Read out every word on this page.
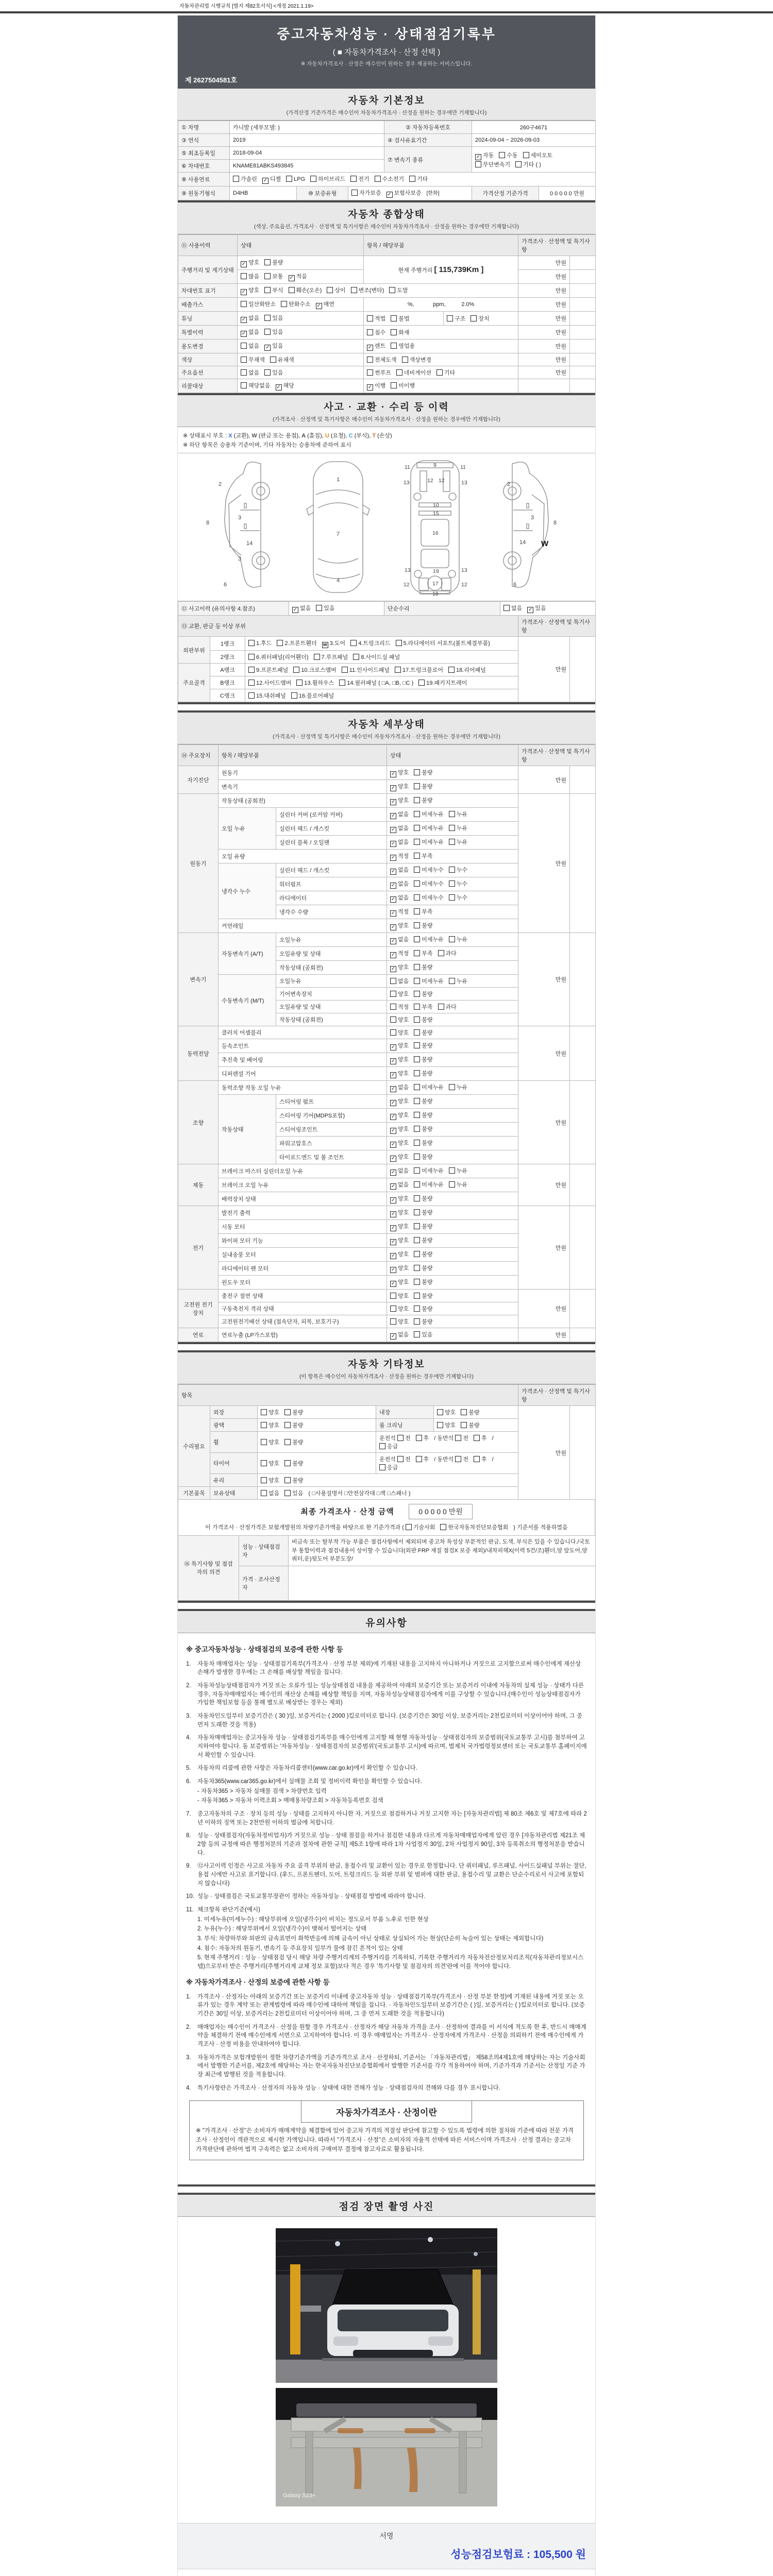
자동차관리법 시행규칙 [별지 제82호서식] <개정 2021.1.19>
중고자동차성능 · 상태점검기록부
( ■ 자동차가격조사 · 산정 선택 )
※ 자동차가격조사 · 산정은 매수인이 원하는 경우 제공하는 서비스입니다.
제 2627504581호
자동차 기본정보
(가격산정 기준가격은 매수인이 자동차가격조사 · 산정을 원하는 경우에만 기재합니다)
① 차명	카니발 (세부모델: )	② 자동차등록번호	260구4671
③ 연식	2019	④ 검사유효기간	2024-09-04 ~ 2026-09-03
⑤ 최초등록일	2018-09-04	⑦ 변속기 종류	✓ 자동 수동 세미오토무단변속기 기타 ( )
⑥ 차대번호	KNAME81ABKS493845		
⑧ 사용연료	가솔린 ✓ 디젤 LPG 하이브리드 전기 수소전기 기타		
⑨ 원동기형식	D4HB	⑩ 보증유형	자가보증 ✓ 보험사보증 [한화]	가격산정 기준가격	0 0 0 0 0 만원
자동차 종합상태
(색상, 주요옵션, 가격조사 · 산정액 및 특기사항은 매수인이 자동차가격조사 · 산정을 원하는 경우에만 기재합니다)
⑪ 사용이력	상태	항목 / 해당부품		가격조사 · 산정액 및 특기사항	
주행거리 및 계기상태	✓ 양호 불량	현재 주행거리 [ 115,739Km ]		만원	
	많음 보통 ✓ 적음			만원	
차대번호 표기	✓ 양호 부식 훼손(오손) 상이 변조(변타) 도말			만원	
배출가스	일산화탄소 탄화수소 ✓ 매연	%,            ppm,          2.0%		만원	
튜닝	✓ 없음 있음	적법 불법	구조 장치	만원	
특별이력	✓ 없음 있음	침수 화재		만원	
용도변경	없음 ✓ 있음	✓ 렌트 영업용		만원	
색상	무채색 유채색	전체도색 색상변경		만원	
주요옵션	없음 있음	썬루프 네비게이션 기타		만원	
리콜대상	해당없음 ✓ 해당	✓ 이행 미이행			
사고 · 교환 · 수리 등 이력
(가격조사 · 산정액 및 특기사항은 매수인이 자동차가격조사 · 산정을 원하는 경우에만 기재합니다)
※ 상태표시 부호 : X (교환), W (판금 또는 용접), A (흠집), U (요철), C (부식), T (손상)
※ 하단 항목은 승용차 기준이며, 기타 자동차는 승용차에 준하여 표시
2
8
3
14
3
6
1
7
4
11	11
9
13	13
12 12
10
15
16
13	13
12	12
17
19
18
2
8
3
14
6
W
⑫ 사고이력 (유의사항 4.참조)	✓ 없음 있음	단순수리	없음 ✓ 있음
⑬ 교환, 판금 등 이상 부위			가격조사 · 산정액 및 특기사항	
외판부위	1랭크	1.후드 2.프론트휀더 w 3.도어 4.트렁크리드 5.라디에이터 서포트(볼트체결부품)	만원	
	2랭크	6.쿼터패널(리어휀더) 7.루프패널 8.사이드실 패널		
주요골격	A랭크	9.프론트패널 10.크로스멤버 11.인사이드패널 17.트렁크플로어 18.리어패널		
	B랭크	12.사이드멤버 13.휠하우스 14.필러패널 ( □A, □B, □C ) 19.패키지트레이		
	C랭크	15.대쉬패널 16.플로어패널		
자동차 세부상태
(가격조사 · 산정액 및 특기사항은 매수인이 자동차가격조사 · 산정을 원하는 경우에만 기재합니다)
⑭ 주요장치	항목 / 해당부품		상태	가격조사 · 산정액 및 특기사항	
자기진단	원동기		✓ 양호 불량	만원	
	변속기		✓ 양호 불량		
원동기	작동상태 (공회전)		✓ 양호 불량	만원	
	오일 누유	실린더 커버 (로커암 커버)	✓ 없음 미세누유 누유		
		실린더 헤드 / 개스킷	✓ 없음 미세누유 누유		
		실린더 블록 / 오일팬	✓ 없음 미세누유 누유		
	오일 유량		✓ 적정 부족		
	냉각수 누수	실린더 헤드 / 개스킷	✓ 없음 미세누수 누수		
		워터펌프	✓ 없음 미세누수 누수		
		라디에이터	✓ 없음 미세누수 누수		
		냉각수 수량	✓ 적정 부족		
	커먼레일		✓ 양호 불량		
변속기	자동변속기 (A/T)	오일누유	✓ 없음 미세누유 누유	만원	
		오일유량 및 상태	✓ 적정 부족 과다		
		작동상태 (공회전)	✓ 양호 불량		
	수동변속기 (M/T)	오일누유	없음 미세누유 누유		
		기어변속장치	양호 불량		
		오일유량 및 상태	적정 부족 과다		
		작동상태 (공회전)	양호 불량		
동력전달	클러치 어셈블리		양호 불량	만원	
	등속조인트		✓ 양호 불량		
	추진축 및 베어링		✓ 양호 불량		
	디퍼렌셜 기어		✓ 양호 불량		
조향	동력조향 작동 오일 누유		✓ 없음 미세누유 누유	만원	
	작동상태	스티어링 펌프	✓ 양호 불량		
		스티어링 기어(MDPS포함)	✓ 양호 불량		
		스티어링조인트	✓ 양호 불량		
		파워고압호스	✓ 양호 불량		
		타이로드엔드 및 볼 조인트	✓ 양호 불량		
제동	브레이크 마스터 실린더오일 누유		✓ 없음 미세누유 누유	만원	
	브레이크 오일 누유		✓ 없음 미세누유 누유		
	배력장치 상태		✓ 양호 불량		
전기	발전기 출력		✓ 양호 불량	만원	
	시동 모터		✓ 양호 불량		
	와이퍼 모터 기능		✓ 양호 불량		
	실내송풍 모터		✓ 양호 불량		
	라디에이터 팬 모터		✓ 양호 불량		
	윈도우 모터		✓ 양호 불량		
고전원 전기장치	충전구 절연 상태		양호 불량	만원	
	구동축전지 격리 상태		양호 불량		
	고전원전기배선 상태 (접속단자, 피복, 보호기구)		양호 불량		
연료	연료누출 (LP가스포함)		✓ 없음 있음	만원	
자동차 기타정보
(이 항목은 매수인이 자동차가격조사 · 산정을 원하는 경우에만 기재합니다)
항목					가격조사 · 산정액 및 특기사항	
수리필요	외장	양호 불량	내장	양호 불량	만원	
	광택	양호 불량	룸 크리닝	양호 불량		
	휠	양호 불량	운전석 전 후 / 동반석 전 후 / 응급			
	타이어	양호 불량	운전석 전 후 / 동반석 전 후 / 응급			
	유리	양호 불량				
기본품목	보유상태	없음 있음 ( □사용설명서 □안전삼각대 □잭 □스패너 )				
최종 가격조사 · 산정 금액	0 0 0 0 0 만원
이 가격조사 · 산정가격은 보험개발원의 차량기준가액을 바탕으로 한 기준가격과 ( 기술사회 한국자동차진단보증협회 ) 기준서를 적용하였음
⑯ 특기사항 및 점검자의 의견	성능 · 상태점검자	비금속 또는 탈부착 가능 부품은 점검사항에서 제외되며 중고차 특성상 부분적인 판금, 도색, 부식은 있을 수 있습니다./국토부 통합이력과 점검내용이 상이할 수 있습니다(외판 FRP 재질 점검X 보증 제외)/내차피해X(이력 5건/조)휀더,양 앞도어,양 쿼터,운)뒷도어 부분도장/
	가격 · 조사산정자	
유의사항
※ 중고자동차성능 · 상태점검의 보증에 관한 사항 등
1.	자동차 매매업자는 성능 · 상태점검기록부(가격조사 · 산정 부분 제외)에 기재된 내용을 고지하지 아니하거나 거짓으로 고지함으로써 매수인에게 재산상 손해가 발생한 경우에는 그 손해를 배상할 책임을 집니다.
2.	자동차성능상태점검자가 거짓 또는 오류가 있는 성능상태점검 내용을 제공하여 아래의 보증기간 또는 보증거리 이내에 자동차의 실제 성능 · 상태가 다른 경우, 자동차매매업자는 매수인의 재산상 손해를 배상할 책임을 지며, 자동차성능상태점검자에게 이를 구상할 수 있습니다.(매수인이 성능상태점검자가 가입한 책임보험 등을 통해 별도로 배상받는 경우는 제외)
3.	자동차인도일부터 보증기간은 ( 30 )일, 보증거리는 ( 2000 )킬로미터로 합니다. (보증기간은 30일 이상, 보증거리는 2천킬로미터 이상이어야 하며, 그 중 먼저 도래한 것을 적용)
4.	자동차매매업자는 중고자동차 성능 · 상태점검기록부를 매수인에게 고지할 때 현행 자동차성능 · 상태점검자의 보증범위(국토교통부 고시)를 첨부하여 고지하여야 합니다. 동 보증범위는 '자동차성능 · 상태점검자의 보증범위'(국토교통부 고시)에 따르며, 법제처 국가법령정보센터 또는 국토교통부 홈페이지에서 확인할 수 있습니다.
5.	자동차의 리콜에 관한 사항은 자동차리콜센터(www.car.go.kr)에서 확인할 수 있습니다.
6.	자동차365(www.car365.go.kr)에서 실매물 조회 및 정비이력 확인을 확인할 수 있습니다.
- 자동차365 > 자동차 실매물 검색 > 차량번호 입력
- 자동차365 > 자동차 이력조회 > 매매용차량조회 > 자동차등록번호 검색
7.	중고자동차의 구조 · 장치 등의 성능 · 상태를 고지하지 아니한 자, 거짓으로 점검하거나 거짓 고지한 자는 [자동차관리법] 제 80조 제6호 및 제7호에 따라 2년 이하의 징역 또는 2천만원 이하의 벌금에 처합니다.
8.	성능 · 상태점검자(자동차정비업자)가 거짓으로 성능 · 상태 점검을 하거나 점검한 내용과 다르게 자동차매매업자에게 알린 경우 [자동차관리법 제21조 제2항 등의 규정에 따른 행정처분의 기준과 절차에 관한 규칙] 제5조 1항에 따라 1차 사업정지 30일, 2차 사업정지 90일, 3차 등록취소의 행정처분을 받습니다.
9.	⑫사고이력 인정은 사고로 자동차 주요 골격 부위의 판금, 용접수리 및 교환이 있는 경우로 한정합니다. 단 쿼터패널, 루프패널, 사이드실패널 부위는 절단, 용접 시에만 사고로 표기합니다. (후드, 프론트펜더, 도어, 트렁크리드 등 외판 부위 및 범퍼에 대한 판금, 용접수리 및 교환은 단순수리로서 사고에 포함되지 않습니다)
10. 성능 · 상태점검은 국토교통부장관이 정하는 자동차성능 · 상태점검 방법에 따라야 합니다.
11. 체크항목 판단기준(예시)
1. 미세누유(미세누수) : 해당부위에 오일(냉각수)이 비치는 정도로서 부품 노후로 인한 현상
2. 누유(누수) : 해당부위에서 오일(냉각수)이 맺혀서 떨어지는 상태
3. 부식: 차량하부와 외판의 금속표면이 화학반응에 의해 금속이 아닌 상태로 상실되어 가는 현상(단순히 녹슬어 있는 상태는 제외합니다)
4. 침수: 자동차의 원동기, 변속기 등 주요장치 일부가 물에 잠긴 흔적이 있는 상태
5. 현재 주행거리 : 성능 · 상태점검 당시 해당 차량 주행거리계의 주행거리를 기록하되, 기록한 주행거리가 자동차전산정보처리조직(자동차관리정보시스템)으로부터 받은 주행거리(주행거리계 교체 정보 포함)보다 적은 경우 '특기사항 및 점검자의 의견'란에 이를 적어야 합니다.
※ 자동차가격조사 · 산정의 보증에 관한 사항 등
1.	가격조사 · 산정자는 아래의 보증기간 또는 보증거리 이내에 중고자동차 성능 · 상태점검기록부(가격조사 · 산정 부분 한정)에 기재된 내용에 거짓 또는 오류가 있는 경우 계약 또는 관계법령에 따라 매수인에 대하여 책임을 집니다. · 자동차인도일부터 보증기간은 ( )일, 보증거리는 ( )킬로미터로 합니다. (보증기간은 30일 이상, 보증거리는 2천킬로미터 이상이어야 하며, 그 중 먼저 도래한 것을 적용합니다)
2.	매매업자는 매수인이 가격조사 · 산정을 원할 경우 가격조사 · 산정자가 해당 자동차 가격을 조사 · 산정하여 결과를 이 서식에 적도록 한 후, 반드시 매매계약을 체결하기 전에 매수인에게 서면으로 고지하여야 합니다. 이 경우 매매업자는 가격조사 · 산정자에게 가격조사 · 산정을 의뢰하기 전에 매수인에게 가격조사 · 산정 비용을 안내하여야 합니다.
3.	자동차가격은 보험개발원이 정한 차량기준가액을 기준가격으로 조사 · 산정하되, 기준서는 「자동차관리법」 제58조의4제1호에 해당하는 자는 기술사회에서 발행한 기준서를, 제2호에 해당하는 자는 한국자동차진단보증협회에서 발행한 기준서를 각각 적용하여야 하며, 기준가격과 기준서는 산정일 기준 가장 최근에 발행된 것을 적용합니다.
4.	특기사항란은 가격조사 · 산정자의 자동차 성능 · 상태에 대한 견해가 성능 · 상태점검자의 견해와 다를 경우 표시합니다.
자동차가격조사 · 산정이란
※ "가격조사 · 산정"은 소비자가 매매계약을 체결함에 있어 중고차 가격의 적절성 판단에 참고할 수 있도록 법령에 의한 절차와 기준에 따라 전문 가격조사 · 산정인이 객관적으로 제시한 가액입니다. 따라서 "가격조사 · 산정"은 소비자의 자율적 선택에 따른 서비스이며 가격조사 · 산정 결과는 중고차 가격판단에 관하여 법적 구속력은 없고 소비자의 구매여부 결정에 참고자료로 활용됩니다.
점검 장면 촬영 사진
Galaxy S23+
서명
성능점검보험료 : 105,500 원
